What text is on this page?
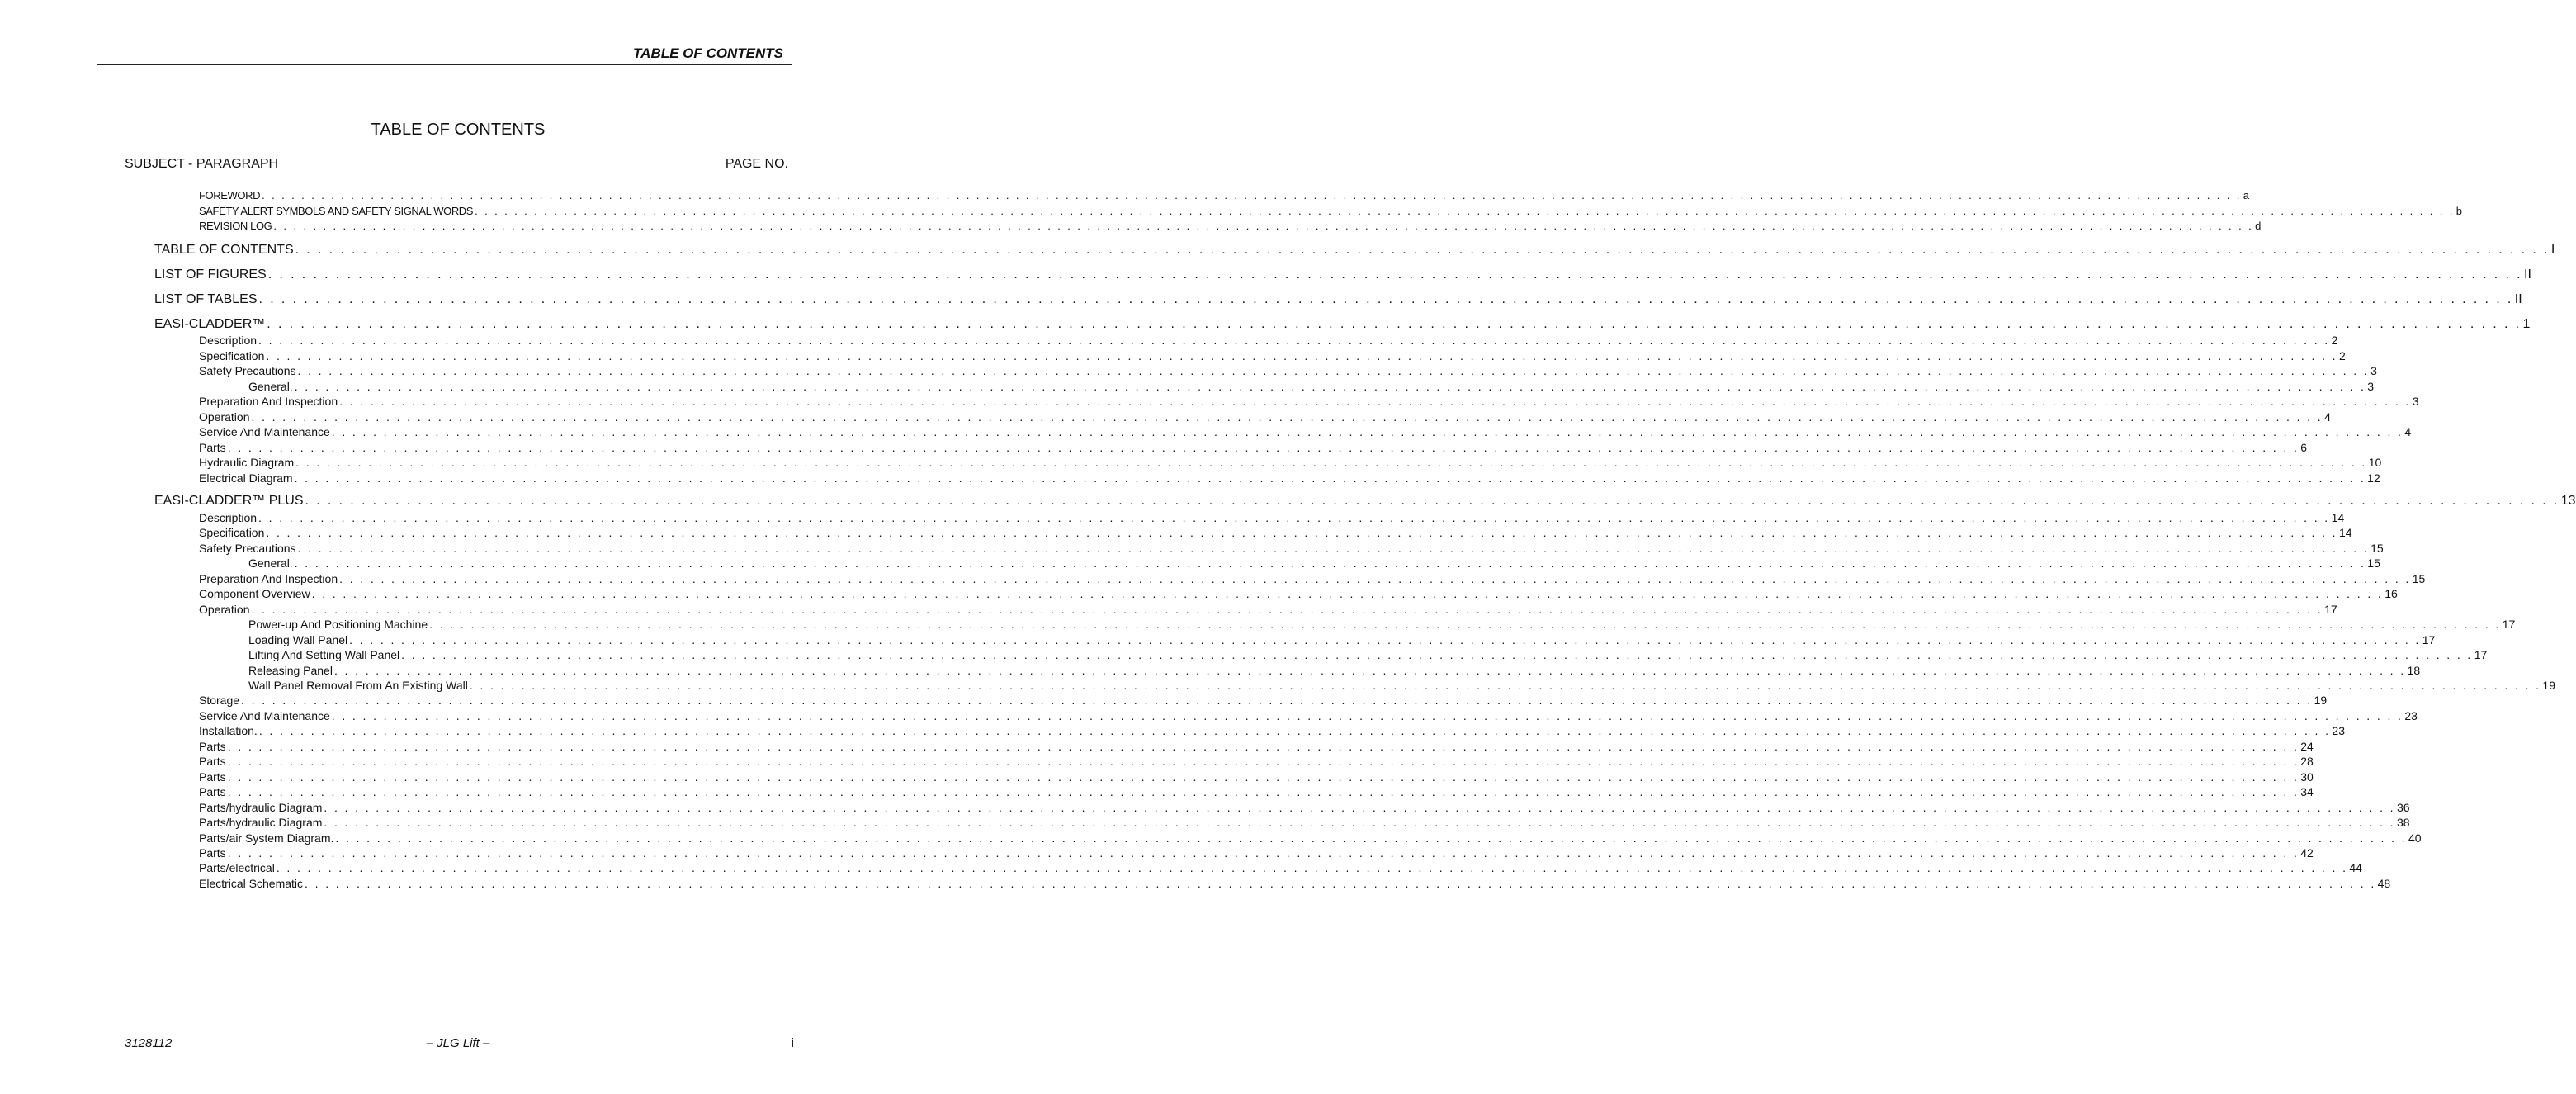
TABLE OF CONTENTS
TABLE OF CONTENTS
SUBJECT - PARAGRAPH	PAGE NO.
FOREWORD . . . . . . . . . . . . . . . . . . . . . . . . . . . . . . . . . . . . . . . . . . . . . . . . . . . . . . . . . . . . . . . . . . . . . . . . . . . . . . . . . . . . . . . . . . . . . . . . . . . . . . . . . . . . . . . . . . . . . . . . . . . . . . . . . . . . . . . . . . . . . . . . . . . . . . . . . . . . . . . . . . . . . . . . . . . . . . . . . . . . . . . . . . . . . . . . . . . . . . . . a
SAFETY ALERT SYMBOLS AND SAFETY SIGNAL WORDS . . . . . . . . . . . . . . . . . . . . . . . . . . . . . . . . . . . . . . . . . . . . . . . . . . . . . . . . . . . . . . . . . . . . . . . . . . . . . . . . . . . . . . . . . . . . . . . . . . . . . . . . . . . . . . . . . . . . . . . . . . . . . . . . . . . . . . . . . . . . . . . . . . . . . . . . . . . . . . . . . . . . . . . . . . . . . . . . . . . . . . . . . . . . . . . . . . . . . . . . b
REVISION LOG . . . . . . . . . . . . . . . . . . . . . . . . . . . . . . . . . . . . . . . . . . . . . . . . . . . . . . . . . . . . . . . . . . . . . . . . . . . . . . . . . . . . . . . . . . . . . . . . . . . . . . . . . . . . . . . . . . . . . . . . . . . . . . . . . . . . . . . . . . . . . . . . . . . . . . . . . . . . . . . . . . . . . . . . . . . . . . . . . . . . . . . . . . . . . . . . . . . . . . . . d
TABLE OF CONTENTS . . . . . . . . . . . . . . . . . . . . . . . . . . . . . . . . . . . . . . . . . . . . . . . . . . . . . . . . . . . . . . . . . . . . . . . . . . . . . . . . . . . . . . . . . . . . . . . . . . . . . . . . . . . . . . . . . . . . . . . . . . . . . . . . . . . . . . . . . . . . . . . . . . . . . . . . . . . . . . . . . . . . . . . . . . . . . . . . . . . . . . . . . . . . . . . . . . . . . . . . I
LIST OF FIGURES . . . . . . . . . . . . . . . . . . . . . . . . . . . . . . . . . . . . . . . . . . . . . . . . . . . . . . . . . . . . . . . . . . . . . . . . . . . . . . . . . . . . . . . . . . . . . . . . . . . . . . . . . . . . . . . . . . . . . . . . . . . . . . . . . . . . . . . . . . . . . . . . . . . . . . . . . . . . . . . . . . . . . . . . . . . . . . . . . . . . . . . . . . . . . . . . . . . . . . . . II
LIST OF TABLES . . . . . . . . . . . . . . . . . . . . . . . . . . . . . . . . . . . . . . . . . . . . . . . . . . . . . . . . . . . . . . . . . . . . . . . . . . . . . . . . . . . . . . . . . . . . . . . . . . . . . . . . . . . . . . . . . . . . . . . . . . . . . . . . . . . . . . . . . . . . . . . . . . . . . . . . . . . . . . . . . . . . . . . . . . . . . . . . . . . . . . . . . . . . . . . . . . . . . . . . II
EASI-CLADDER™ . . . . . . . . . . . . . . . . . . . . . . . . . . . . . . . . . . . . . . . . . . . . . . . . . . . . . . . . . . . . . . . . . . . . . . . . . . . . . . . . . . . . . . . . . . . . . . . . . . . . . . . . . . . . . . . . . . . . . . . . . . . . . . . . . . . . . . . . . . . . . . . . . . . . . . . . . . . . . . . . . . . . . . . . . . . . . . . . . . . . . . . . . . . . . . . . . . . . . . . . 1
Description . . . . . . . . . . . . . . . . . . . . . . . . . . . . . . . . . . . . . . . . . . . . . . . . . . . . . . . . . . . . . . . . . . . . . . . . . . . . . . . . . . . . . . . . . . . . . . . . . . . . . . . . . . . . . . . . . . . . . . . . . . . . . . . . . . . . . . . . . . . . . . . . . . . . . . . . . . . . . . . . . . . . . . . . . . . . . . . . . . . . . . . . . . . . . . . . . . . . . . . . 2
Specification . . . . . . . . . . . . . . . . . . . . . . . . . . . . . . . . . . . . . . . . . . . . . . . . . . . . . . . . . . . . . . . . . . . . . . . . . . . . . . . . . . . . . . . . . . . . . . . . . . . . . . . . . . . . . . . . . . . . . . . . . . . . . . . . . . . . . . . . . . . . . . . . . . . . . . . . . . . . . . . . . . . . . . . . . . . . . . . . . . . . . . . . . . . . . . . . . . . . . . . . 2
Safety Precautions . . . . . . . . . . . . . . . . . . . . . . . . . . . . . . . . . . . . . . . . . . . . . . . . . . . . . . . . . . . . . . . . . . . . . . . . . . . . . . . . . . . . . . . . . . . . . . . . . . . . . . . . . . . . . . . . . . . . . . . . . . . . . . . . . . . . . . . . . . . . . . . . . . . . . . . . . . . . . . . . . . . . . . . . . . . . . . . . . . . . . . . . . . . . . . . . . . . . . . . . 3
General. . . . . . . . . . . . . . . . . . . . . . . . . . . . . . . . . . . . . . . . . . . . . . . . . . . . . . . . . . . . . . . . . . . . . . . . . . . . . . . . . . . . . . . . . . . . . . . . . . . . . . . . . . . . . . . . . . . . . . . . . . . . . . . . . . . . . . . . . . . . . . . . . . . . . . . . . . . . . . . . . . . . . . . . . . . . . . . . . . . . . . . . . . . . . . . . . . . . . . . . . 3
Preparation And Inspection . . . . . . . . . . . . . . . . . . . . . . . . . . . . . . . . . . . . . . . . . . . . . . . . . . . . . . . . . . . . . . . . . . . . . . . . . . . . . . . . . . . . . . . . . . . . . . . . . . . . . . . . . . . . . . . . . . . . . . . . . . . . . . . . . . . . . . . . . . . . . . . . . . . . . . . . . . . . . . . . . . . . . . . . . . . . . . . . . . . . . . . . . . . . . . . . . . . . . . . . 3
Operation . . . . . . . . . . . . . . . . . . . . . . . . . . . . . . . . . . . . . . . . . . . . . . . . . . . . . . . . . . . . . . . . . . . . . . . . . . . . . . . . . . . . . . . . . . . . . . . . . . . . . . . . . . . . . . . . . . . . . . . . . . . . . . . . . . . . . . . . . . . . . . . . . . . . . . . . . . . . . . . . . . . . . . . . . . . . . . . . . . . . . . . . . . . . . . . . . . . . . . . . 4
Service And Maintenance . . . . . . . . . . . . . . . . . . . . . . . . . . . . . . . . . . . . . . . . . . . . . . . . . . . . . . . . . . . . . . . . . . . . . . . . . . . . . . . . . . . . . . . . . . . . . . . . . . . . . . . . . . . . . . . . . . . . . . . . . . . . . . . . . . . . . . . . . . . . . . . . . . . . . . . . . . . . . . . . . . . . . . . . . . . . . . . . . . . . . . . . . . . . . . . . . . . . . . . . 4
Parts . . . . . . . . . . . . . . . . . . . . . . . . . . . . . . . . . . . . . . . . . . . . . . . . . . . . . . . . . . . . . . . . . . . . . . . . . . . . . . . . . . . . . . . . . . . . . . . . . . . . . . . . . . . . . . . . . . . . . . . . . . . . . . . . . . . . . . . . . . . . . . . . . . . . . . . . . . . . . . . . . . . . . . . . . . . . . . . . . . . . . . . . . . . . . . . . . . . . . . . . 6
Hydraulic Diagram . . . . . . . . . . . . . . . . . . . . . . . . . . . . . . . . . . . . . . . . . . . . . . . . . . . . . . . . . . . . . . . . . . . . . . . . . . . . . . . . . . . . . . . . . . . . . . . . . . . . . . . . . . . . . . . . . . . . . . . . . . . . . . . . . . . . . . . . . . . . . . . . . . . . . . . . . . . . . . . . . . . . . . . . . . . . . . . . . . . . . . . . . . . . . . . . . . . . . . . . 10
Electrical Diagram . . . . . . . . . . . . . . . . . . . . . . . . . . . . . . . . . . . . . . . . . . . . . . . . . . . . . . . . . . . . . . . . . . . . . . . . . . . . . . . . . . . . . . . . . . . . . . . . . . . . . . . . . . . . . . . . . . . . . . . . . . . . . . . . . . . . . . . . . . . . . . . . . . . . . . . . . . . . . . . . . . . . . . . . . . . . . . . . . . . . . . . . . . . . . . . . . . . . . . . . 12
EASI-CLADDER™ PLUS . . . . . . . . . . . . . . . . . . . . . . . . . . . . . . . . . . . . . . . . . . . . . . . . . . . . . . . . . . . . . . . . . . . . . . . . . . . . . . . . . . . . . . . . . . . . . . . . . . . . . . . . . . . . . . . . . . . . . . . . . . . . . . . . . . . . . . . . . . . . . . . . . . . . . . . . . . . . . . . . . . . . . . . . . . . . . . . . . . . . . . . . . . . . . . . . . . . . . . . . 13
Description . . . . . . . . . . . . . . . . . . . . . . . . . . . . . . . . . . . . . . . . . . . . . . . . . . . . . . . . . . . . . . . . . . . . . . . . . . . . . . . . . . . . . . . . . . . . . . . . . . . . . . . . . . . . . . . . . . . . . . . . . . . . . . . . . . . . . . . . . . . . . . . . . . . . . . . . . . . . . . . . . . . . . . . . . . . . . . . . . . . . . . . . . . . . . . . . . . . . . . . . 14
Specification . . . . . . . . . . . . . . . . . . . . . . . . . . . . . . . . . . . . . . . . . . . . . . . . . . . . . . . . . . . . . . . . . . . . . . . . . . . . . . . . . . . . . . . . . . . . . . . . . . . . . . . . . . . . . . . . . . . . . . . . . . . . . . . . . . . . . . . . . . . . . . . . . . . . . . . . . . . . . . . . . . . . . . . . . . . . . . . . . . . . . . . . . . . . . . . . . . . . . . . . 14
Safety Precautions . . . . . . . . . . . . . . . . . . . . . . . . . . . . . . . . . . . . . . . . . . . . . . . . . . . . . . . . . . . . . . . . . . . . . . . . . . . . . . . . . . . . . . . . . . . . . . . . . . . . . . . . . . . . . . . . . . . . . . . . . . . . . . . . . . . . . . . . . . . . . . . . . . . . . . . . . . . . . . . . . . . . . . . . . . . . . . . . . . . . . . . . . . . . . . . . . . . . . . . . 15
General. . . . . . . . . . . . . . . . . . . . . . . . . . . . . . . . . . . . . . . . . . . . . . . . . . . . . . . . . . . . . . . . . . . . . . . . . . . . . . . . . . . . . . . . . . . . . . . . . . . . . . . . . . . . . . . . . . . . . . . . . . . . . . . . . . . . . . . . . . . . . . . . . . . . . . . . . . . . . . . . . . . . . . . . . . . . . . . . . . . . . . . . . . . . . . . . . . . . . . . . . 15
Preparation And Inspection . . . . . . . . . . . . . . . . . . . . . . . . . . . . . . . . . . . . . . . . . . . . . . . . . . . . . . . . . . . . . . . . . . . . . . . . . . . . . . . . . . . . . . . . . . . . . . . . . . . . . . . . . . . . . . . . . . . . . . . . . . . . . . . . . . . . . . . . . . . . . . . . . . . . . . . . . . . . . . . . . . . . . . . . . . . . . . . . . . . . . . . . . . . . . . . . . . . . . . . . 15
Component Overview . . . . . . . . . . . . . . . . . . . . . . . . . . . . . . . . . . . . . . . . . . . . . . . . . . . . . . . . . . . . . . . . . . . . . . . . . . . . . . . . . . . . . . . . . . . . . . . . . . . . . . . . . . . . . . . . . . . . . . . . . . . . . . . . . . . . . . . . . . . . . . . . . . . . . . . . . . . . . . . . . . . . . . . . . . . . . . . . . . . . . . . . . . . . . . . . . . . . . . . . 16
Operation . . . . . . . . . . . . . . . . . . . . . . . . . . . . . . . . . . . . . . . . . . . . . . . . . . . . . . . . . . . . . . . . . . . . . . . . . . . . . . . . . . . . . . . . . . . . . . . . . . . . . . . . . . . . . . . . . . . . . . . . . . . . . . . . . . . . . . . . . . . . . . . . . . . . . . . . . . . . . . . . . . . . . . . . . . . . . . . . . . . . . . . . . . . . . . . . . . . . . . . . 17
Power-up And Positioning Machine . . . . . . . . . . . . . . . . . . . . . . . . . . . . . . . . . . . . . . . . . . . . . . . . . . . . . . . . . . . . . . . . . . . . . . . . . . . . . . . . . . . . . . . . . . . . . . . . . . . . . . . . . . . . . . . . . . . . . . . . . . . . . . . . . . . . . . . . . . . . . . . . . . . . . . . . . . . . . . . . . . . . . . . . . . . . . . . . . . . . . . . . . . . . . . . . . . . . . . . . 17
Loading Wall Panel . . . . . . . . . . . . . . . . . . . . . . . . . . . . . . . . . . . . . . . . . . . . . . . . . . . . . . . . . . . . . . . . . . . . . . . . . . . . . . . . . . . . . . . . . . . . . . . . . . . . . . . . . . . . . . . . . . . . . . . . . . . . . . . . . . . . . . . . . . . . . . . . . . . . . . . . . . . . . . . . . . . . . . . . . . . . . . . . . . . . . . . . . . . . . . . . . . . . . . . . 17
Lifting And Setting Wall Panel . . . . . . . . . . . . . . . . . . . . . . . . . . . . . . . . . . . . . . . . . . . . . . . . . . . . . . . . . . . . . . . . . . . . . . . . . . . . . . . . . . . . . . . . . . . . . . . . . . . . . . . . . . . . . . . . . . . . . . . . . . . . . . . . . . . . . . . . . . . . . . . . . . . . . . . . . . . . . . . . . . . . . . . . . . . . . . . . . . . . . . . . . . . . . . . . . . . . . . . . 17
Releasing Panel . . . . . . . . . . . . . . . . . . . . . . . . . . . . . . . . . . . . . . . . . . . . . . . . . . . . . . . . . . . . . . . . . . . . . . . . . . . . . . . . . . . . . . . . . . . . . . . . . . . . . . . . . . . . . . . . . . . . . . . . . . . . . . . . . . . . . . . . . . . . . . . . . . . . . . . . . . . . . . . . . . . . . . . . . . . . . . . . . . . . . . . . . . . . . . . . . . . . . . . . 18
Wall Panel Removal From An Existing Wall . . . . . . . . . . . . . . . . . . . . . . . . . . . . . . . . . . . . . . . . . . . . . . . . . . . . . . . . . . . . . . . . . . . . . . . . . . . . . . . . . . . . . . . . . . . . . . . . . . . . . . . . . . . . . . . . . . . . . . . . . . . . . . . . . . . . . . . . . . . . . . . . . . . . . . . . . . . . . . . . . . . . . . . . . . . . . . . . . . . . . . . . . . . . . . . . . . . . . . . . 19
Storage . . . . . . . . . . . . . . . . . . . . . . . . . . . . . . . . . . . . . . . . . . . . . . . . . . . . . . . . . . . . . . . . . . . . . . . . . . . . . . . . . . . . . . . . . . . . . . . . . . . . . . . . . . . . . . . . . . . . . . . . . . . . . . . . . . . . . . . . . . . . . . . . . . . . . . . . . . . . . . . . . . . . . . . . . . . . . . . . . . . . . . . . . . . . . . . . . . . . . . . . 19
Service And Maintenance . . . . . . . . . . . . . . . . . . . . . . . . . . . . . . . . . . . . . . . . . . . . . . . . . . . . . . . . . . . . . . . . . . . . . . . . . . . . . . . . . . . . . . . . . . . . . . . . . . . . . . . . . . . . . . . . . . . . . . . . . . . . . . . . . . . . . . . . . . . . . . . . . . . . . . . . . . . . . . . . . . . . . . . . . . . . . . . . . . . . . . . . . . . . . . . . . . . . . . . . 23
Installation. . . . . . . . . . . . . . . . . . . . . . . . . . . . . . . . . . . . . . . . . . . . . . . . . . . . . . . . . . . . . . . . . . . . . . . . . . . . . . . . . . . . . . . . . . . . . . . . . . . . . . . . . . . . . . . . . . . . . . . . . . . . . . . . . . . . . . . . . . . . . . . . . . . . . . . . . . . . . . . . . . . . . . . . . . . . . . . . . . . . . . . . . . . . . . . . . . . . . . . . . 23
Parts . . . . . . . . . . . . . . . . . . . . . . . . . . . . . . . . . . . . . . . . . . . . . . . . . . . . . . . . . . . . . . . . . . . . . . . . . . . . . . . . . . . . . . . . . . . . . . . . . . . . . . . . . . . . . . . . . . . . . . . . . . . . . . . . . . . . . . . . . . . . . . . . . . . . . . . . . . . . . . . . . . . . . . . . . . . . . . . . . . . . . . . . . . . . . . . . . . . . . . . . 24
Parts . . . . . . . . . . . . . . . . . . . . . . . . . . . . . . . . . . . . . . . . . . . . . . . . . . . . . . . . . . . . . . . . . . . . . . . . . . . . . . . . . . . . . . . . . . . . . . . . . . . . . . . . . . . . . . . . . . . . . . . . . . . . . . . . . . . . . . . . . . . . . . . . . . . . . . . . . . . . . . . . . . . . . . . . . . . . . . . . . . . . . . . . . . . . . . . . . . . . . . . . 28
Parts . . . . . . . . . . . . . . . . . . . . . . . . . . . . . . . . . . . . . . . . . . . . . . . . . . . . . . . . . . . . . . . . . . . . . . . . . . . . . . . . . . . . . . . . . . . . . . . . . . . . . . . . . . . . . . . . . . . . . . . . . . . . . . . . . . . . . . . . . . . . . . . . . . . . . . . . . . . . . . . . . . . . . . . . . . . . . . . . . . . . . . . . . . . . . . . . . . . . . . . . 30
Parts . . . . . . . . . . . . . . . . . . . . . . . . . . . . . . . . . . . . . . . . . . . . . . . . . . . . . . . . . . . . . . . . . . . . . . . . . . . . . . . . . . . . . . . . . . . . . . . . . . . . . . . . . . . . . . . . . . . . . . . . . . . . . . . . . . . . . . . . . . . . . . . . . . . . . . . . . . . . . . . . . . . . . . . . . . . . . . . . . . . . . . . . . . . . . . . . . . . . . . . . 34
Parts/hydraulic Diagram . . . . . . . . . . . . . . . . . . . . . . . . . . . . . . . . . . . . . . . . . . . . . . . . . . . . . . . . . . . . . . . . . . . . . . . . . . . . . . . . . . . . . . . . . . . . . . . . . . . . . . . . . . . . . . . . . . . . . . . . . . . . . . . . . . . . . . . . . . . . . . . . . . . . . . . . . . . . . . . . . . . . . . . . . . . . . . . . . . . . . . . . . . . . . . . . . . . . . . . . 36
Parts/hydraulic Diagram . . . . . . . . . . . . . . . . . . . . . . . . . . . . . . . . . . . . . . . . . . . . . . . . . . . . . . . . . . . . . . . . . . . . . . . . . . . . . . . . . . . . . . . . . . . . . . . . . . . . . . . . . . . . . . . . . . . . . . . . . . . . . . . . . . . . . . . . . . . . . . . . . . . . . . . . . . . . . . . . . . . . . . . . . . . . . . . . . . . . . . . . . . . . . . . . . . . . . . . . 38
Parts/air System Diagram. . . . . . . . . . . . . . . . . . . . . . . . . . . . . . . . . . . . . . . . . . . . . . . . . . . . . . . . . . . . . . . . . . . . . . . . . . . . . . . . . . . . . . . . . . . . . . . . . . . . . . . . . . . . . . . . . . . . . . . . . . . . . . . . . . . . . . . . . . . . . . . . . . . . . . . . . . . . . . . . . . . . . . . . . . . . . . . . . . . . . . . . . . . . . . . . . . . . . . . . . 40
Parts . . . . . . . . . . . . . . . . . . . . . . . . . . . . . . . . . . . . . . . . . . . . . . . . . . . . . . . . . . . . . . . . . . . . . . . . . . . . . . . . . . . . . . . . . . . . . . . . . . . . . . . . . . . . . . . . . . . . . . . . . . . . . . . . . . . . . . . . . . . . . . . . . . . . . . . . . . . . . . . . . . . . . . . . . . . . . . . . . . . . . . . . . . . . . . . . . . . . . . . . 42
Parts/electrical . . . . . . . . . . . . . . . . . . . . . . . . . . . . . . . . . . . . . . . . . . . . . . . . . . . . . . . . . . . . . . . . . . . . . . . . . . . . . . . . . . . . . . . . . . . . . . . . . . . . . . . . . . . . . . . . . . . . . . . . . . . . . . . . . . . . . . . . . . . . . . . . . . . . . . . . . . . . . . . . . . . . . . . . . . . . . . . . . . . . . . . . . . . . . . . . . . . . . . . . 44
Electrical Schematic . . . . . . . . . . . . . . . . . . . . . . . . . . . . . . . . . . . . . . . . . . . . . . . . . . . . . . . . . . . . . . . . . . . . . . . . . . . . . . . . . . . . . . . . . . . . . . . . . . . . . . . . . . . . . . . . . . . . . . . . . . . . . . . . . . . . . . . . . . . . . . . . . . . . . . . . . . . . . . . . . . . . . . . . . . . . . . . . . . . . . . . . . . . . . . . . . . . . . . . . 48
3128112	– JLG Lift –	i
